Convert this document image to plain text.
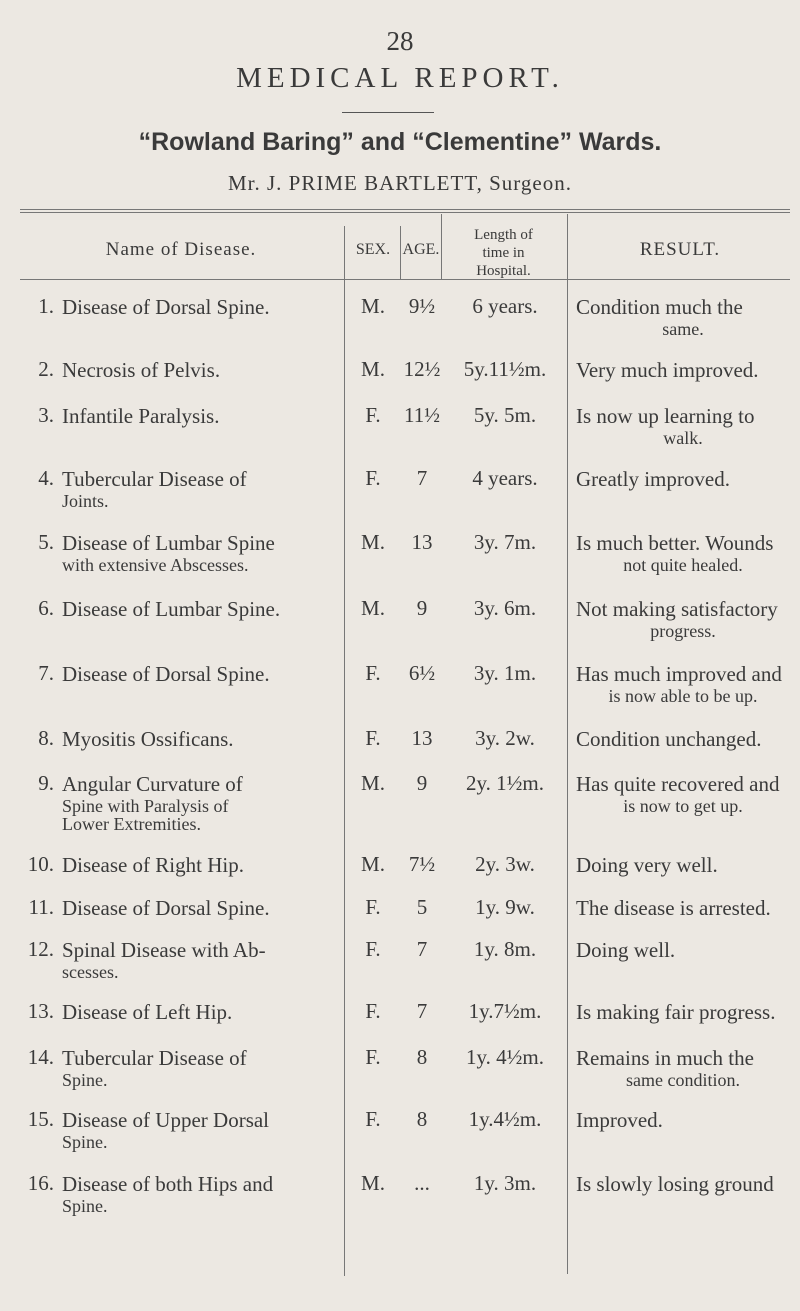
28
MEDICAL REPORT.
“Rowland Baring” and “Clementine” Wards.
Mr. J. PRIME BARTLETT, Surgeon.
Name of Disease.	SEX. AGE.
Length of
time in
Hospital.
RESULT.
1. Disease of Dorsal Spine.	M.	9½	6 years.	Condition much the
same.
2. Necrosis of Pelvis.	M. 12½	5y.11½m.	Very much improved.
3. Infantile Paralysis.	F.	11½	5y. 5m.	Is now up learning to
walk.
4. Tubercular Disease of
Joints.
F.	7	4 years.	Greatly improved.
5. Disease of Lumbar Spine
with extensive Abscesses.
M.	13	3y. 7m.	Is much better. Wounds
not quite healed.
6. Disease of Lumbar Spine.	M.	9	3y. 6m.	Not making satisfactory
progress.
7. Disease of Dorsal Spine.	F.	6½	3y. 1m.	Has much improved and
is now able to be up.
8. Myositis Ossificans.	F.	13	3y. 2w.	Condition unchanged.
9. Angular Curvature of
Spine with Paralysis of
Lower Extremities.
M.	9	2y. 1½m.	Has quite recovered and
is now to get up.
10. Disease of Right Hip.	M.	7½	2y. 3w.	Doing very well.
11. Disease of Dorsal Spine.	F.	5	1y. 9w.	The disease is arrested.
12. Spinal Disease with Ab-
scesses.
F.	7	1y. 8m.	Doing well.
13. Disease of Left Hip.	F.	7	1y.7½m.	Is making fair progress.
14. Tubercular Disease of
Spine.
F.	8	1y. 4½m.	Remains in much the
same condition.
15. Disease of Upper Dorsal
Spine.
F.	8	1y.4½m.	Improved.
16. Disease of both Hips and
Spine.
M.	...	1y. 3m.	Is slowly losing ground
